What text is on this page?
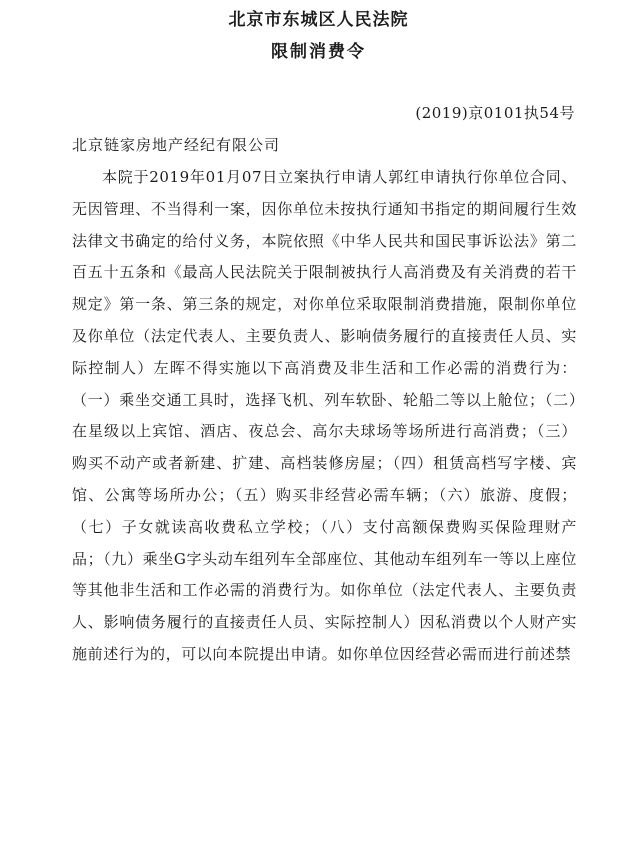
北京市东城区人民法院
限制消费令
(2019)京0101执54号
北京链家房地产经纪有限公司

本院于2019年01月07日立案执行申请人郭红申请执行你单位合同、无因管理、不当得利一案，因你单位未按执行通知书指定的期间履行生效法律文书确定的给付义务，本院依照《中华人民共和国民事诉讼法》第二百五十五条和《最高人民法院关于限制被执行人高消费及有关消费的若干规定》第一条、第三条的规定，对你单位采取限制消费措施，限制你单位及你单位（法定代表人、主要负责人、影响债务履行的直接责任人员、实际控制人）左晖不得实施以下高消费及非生活和工作必需的消费行为：（一）乘坐交通工具时，选择飞机、列车软卧、轮船二等以上舱位；（二）在星级以上宾馆、酒店、夜总会、高尔夫球场等场所进行高消费；（三）购买不动产或者新建、扩建、高档装修房屋；（四）租赁高档写字楼、宾馆、公寓等场所办公；（五）购买非经营必需车辆；（六）旅游、度假；（七）子女就读高收费私立学校；（八）支付高额保费购买保险理财产品；（九）乘坐G字头动车组列车全部座位、其他动车组列车一等以上座位等其他非生活和工作必需的消费行为。如你单位（法定代表人、主要负责人、影响债务履行的直接责任人员、实际控制人）因私消费以个人财产实施前述行为的，可以向本院提出申请。如你单位因经营必需而进行前述禁
